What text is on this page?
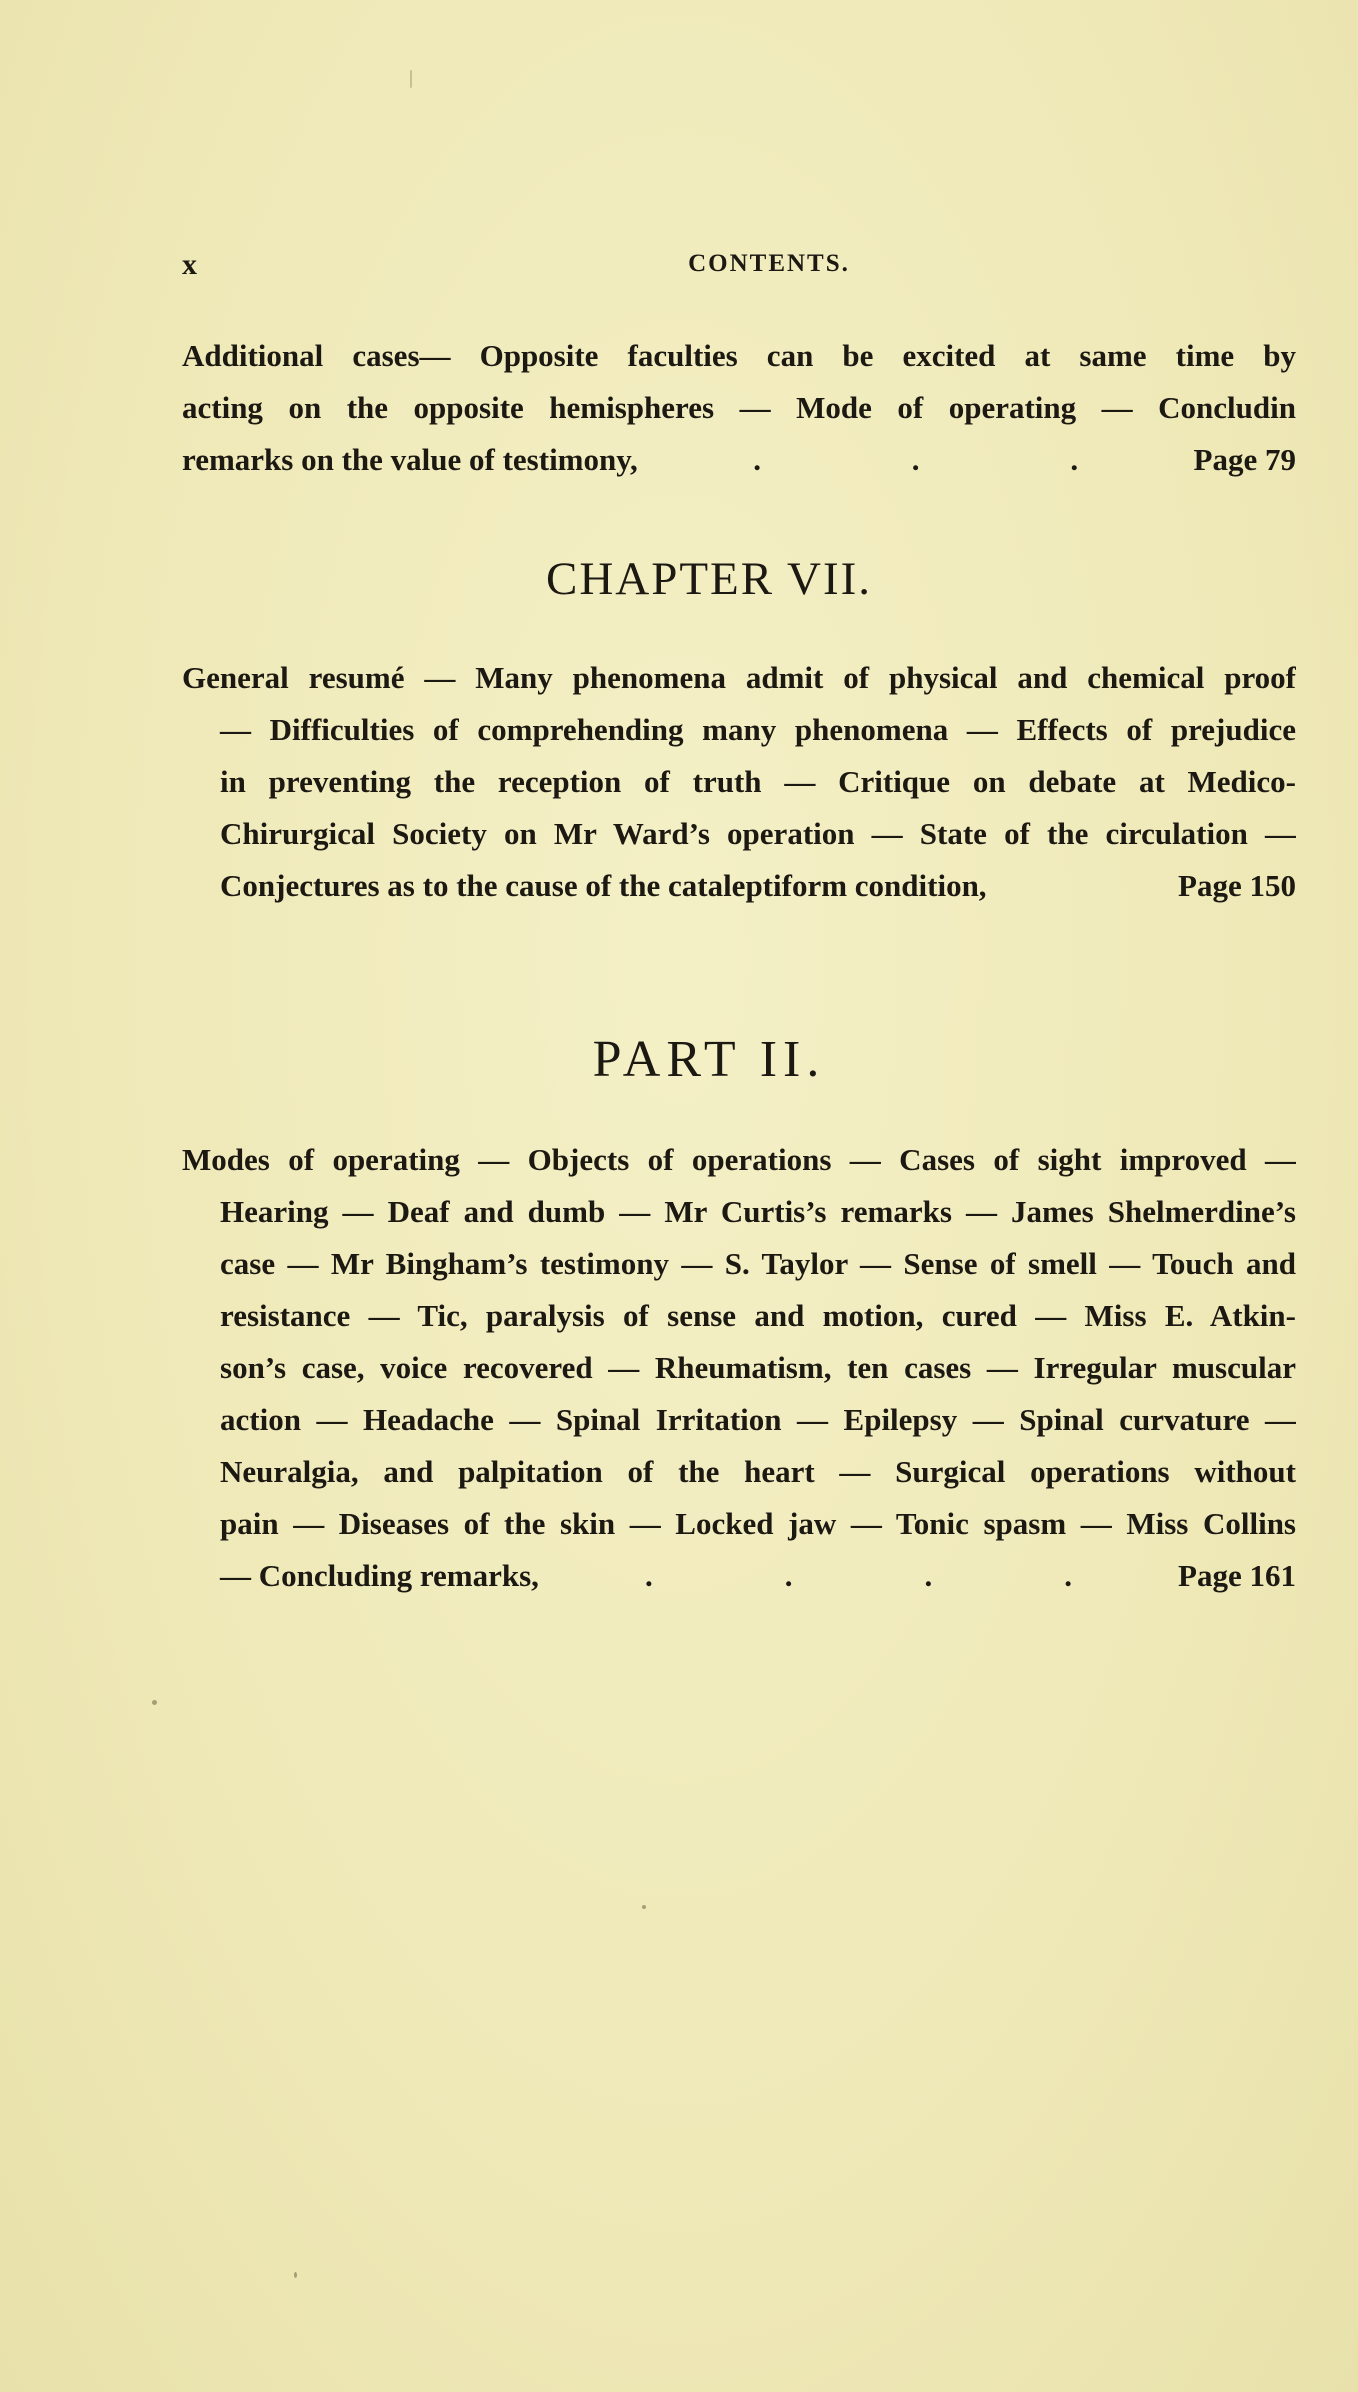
x	CONTENTS.
Additional cases— Opposite faculties can be excited at same time by
acting on the opposite hemispheres — Mode of operating — Concludin
remarks on the value of testimony,	.	.	.	Page 79
CHAPTER VII.
General resumé — Many phenomena admit of physical and chemical proof
— Difficulties of comprehending many phenomena — Effects of prejudice
in preventing the reception of truth — Critique on debate at Medico-
Chirurgical Society on Mr Ward’s operation — State of the circulation —
Conjectures as to the cause of the cataleptiform condition,	Page 150
PART II.
Modes of operating — Objects of operations — Cases of sight improved —
Hearing — Deaf and dumb — Mr Curtis’s remarks — James Shelmerdine’s
case — Mr Bingham’s testimony — S. Taylor — Sense of smell — Touch and
resistance — Tic, paralysis of sense and motion, cured — Miss E. Atkin-
son’s case, voice recovered — Rheumatism, ten cases — Irregular muscular
action — Headache — Spinal Irritation — Epilepsy — Spinal curvature —
Neuralgia, and palpitation of the heart — Surgical operations without
pain — Diseases of the skin — Locked jaw — Tonic spasm — Miss Collins
— Concluding remarks,	.	.	.	.	Page 161
